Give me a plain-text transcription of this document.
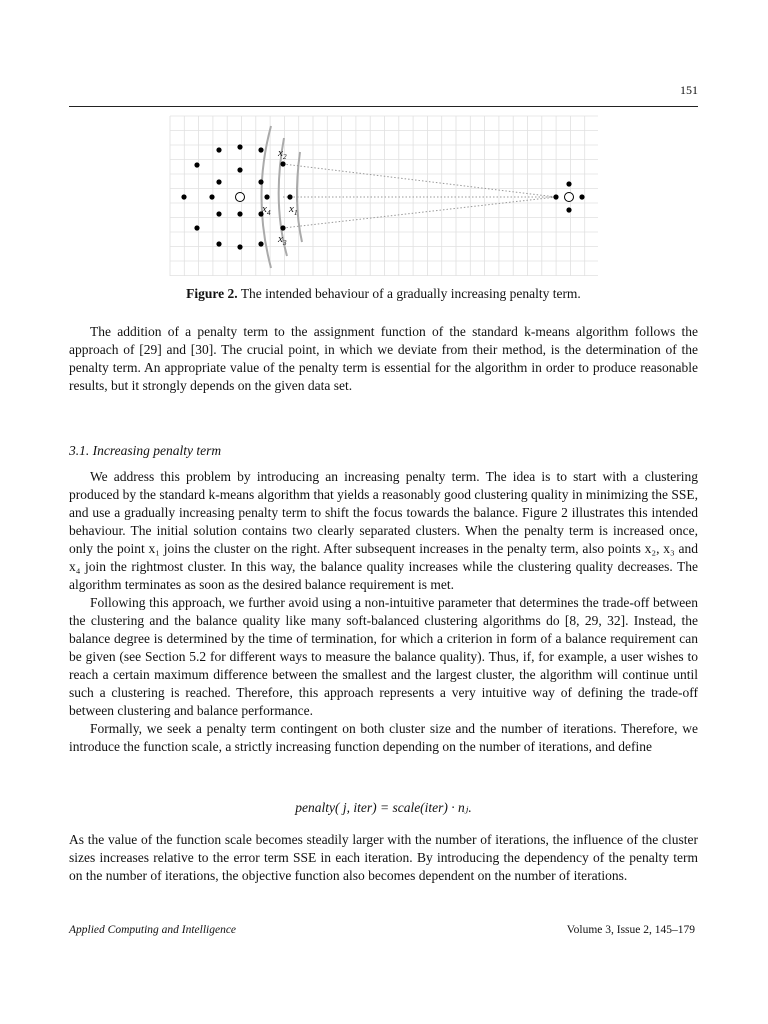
151
$x_2$
$x_1$
$x_4$
$x_3$
Figure 2. The intended behaviour of a gradually increasing penalty term.

The addition of a penalty term to the assignment function of the standard k-means algorithm follows the approach of [29] and [30]. The crucial point, in which we deviate from their method, is the determination of the penalty term. An appropriate value of the penalty term is essential for the algorithm in order to produce reasonable results, but it strongly depends on the given data set.

3.1. Increasing penalty term

We address this problem by introducing an increasing penalty term. The idea is to start with a clustering produced by the standard k-means algorithm that yields a reasonably good clustering quality in minimizing the SSE, and use a gradually increasing penalty term to shift the focus towards the balance. Figure 2 illustrates this intended behaviour. The initial solution contains two clearly separated clusters. When the penalty term is increased once, only the point x₁ joins the cluster on the right. After subsequent increases in the penalty term, also points x₂, x₃ and x₄ join the rightmost cluster. In this way, the balance quality increases while the clustering quality decreases. The algorithm terminates as soon as the desired balance requirement is met.

Following this approach, we further avoid using a non-intuitive parameter that determines the trade-off between the clustering and the balance quality like many soft-balanced clustering algorithms do [8, 29, 32]. Instead, the balance degree is determined by the time of termination, for which a criterion in form of a balance requirement can be given (see Section 5.2 for different ways to measure the balance quality). Thus, if, for example, a user wishes to reach a certain maximum difference between the smallest and the largest cluster, the algorithm will continue until such a clustering is reached. Therefore, this approach represents a very intuitive way of defining the trade-off between clustering and balance performance.

Formally, we seek a penalty term contingent on both cluster size and the number of iterations. Therefore, we introduce the function scale, a strictly increasing function depending on the number of iterations, and define

penalty( j, iter) = scale(iter) · nⱼ.

As the value of the function scale becomes steadily larger with the number of iterations, the influence of the cluster sizes increases relative to the error term SSE in each iteration. By introducing the dependency of the penalty term on the number of iterations, the objective function also becomes dependent on the number of iterations.

Applied Computing and Intelligence	Volume 3, Issue 2, 145–179
